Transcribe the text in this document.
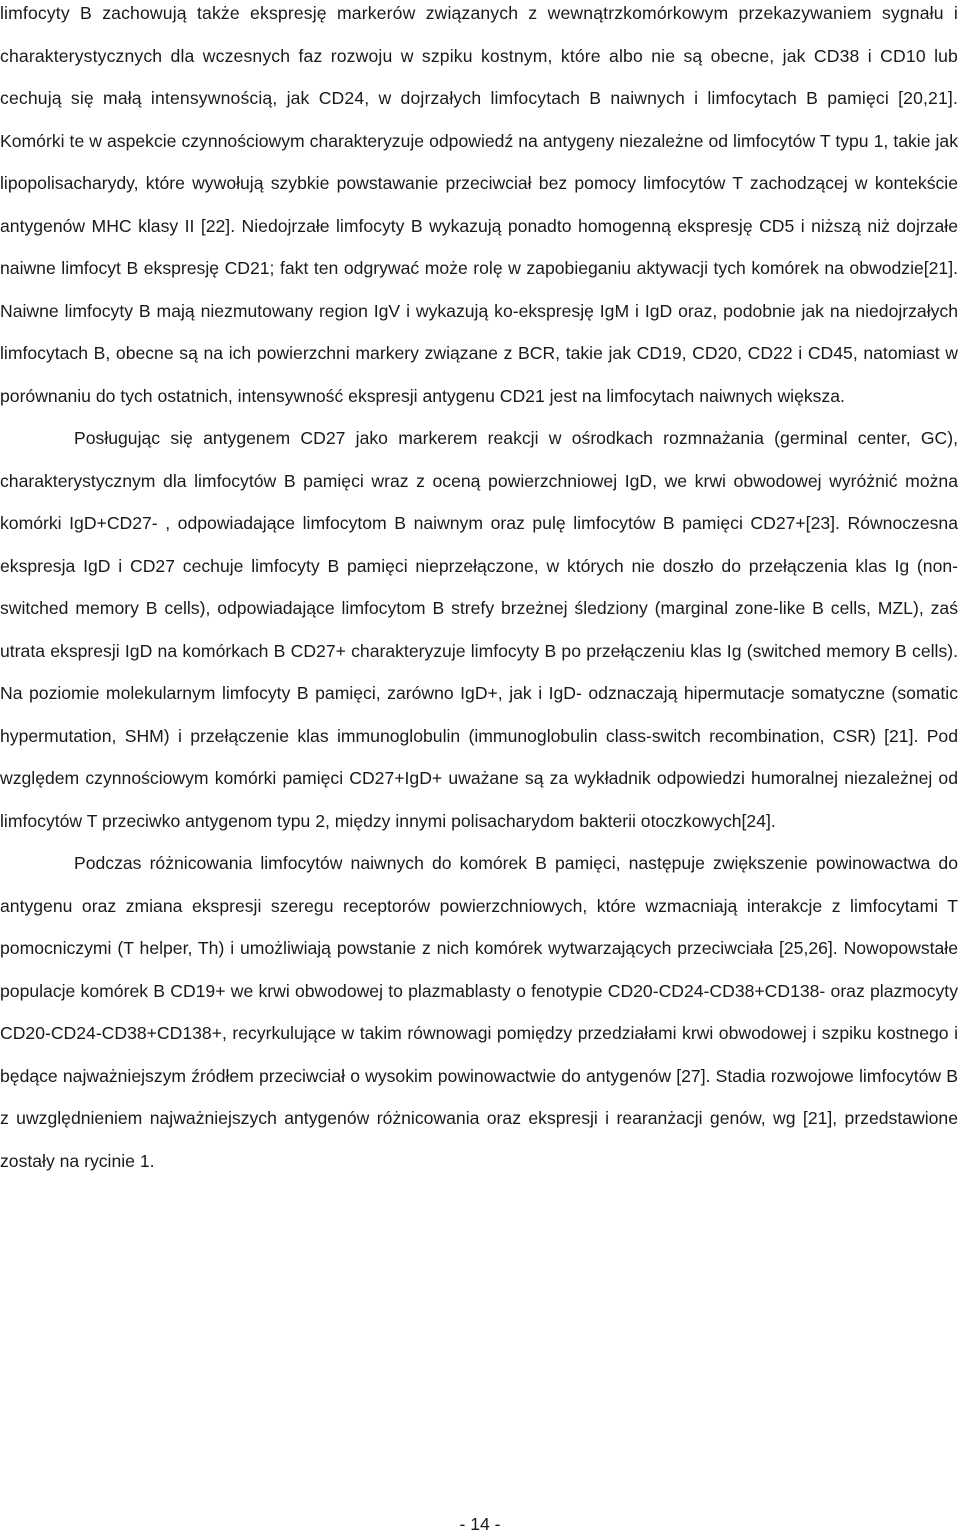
limfocyty B zachowują także ekspresję markerów związanych z wewnątrzkomórkowym przekazywaniem sygnału i charakterystycznych dla wczesnych faz rozwoju w szpiku kostnym, które albo nie są obecne, jak CD38 i CD10 lub cechują się małą intensywnością, jak CD24, w dojrzałych limfocytach B naiwnych i limfocytach B pamięci [20,21]. Komórki te w aspekcie czynnościowym charakteryzuje odpowiedź na antygeny niezależne od limfocytów T typu 1, takie jak lipopolisacharydy, które wywołują szybkie powstawanie przeciwciał bez pomocy limfocytów T zachodzącej w kontekście antygenów MHC klasy II [22]. Niedojrzałe limfocyty B wykazują ponadto homogenną ekspresję CD5 i niższą niż dojrzałe naiwne limfocyt B ekspresję CD21; fakt ten odgrywać może rolę w zapobieganiu aktywacji tych komórek na obwodzie[21]. Naiwne limfocyty B mają niezmutowany region IgV i wykazują ko-ekspresję IgM i IgD oraz, podobnie jak na niedojrzałych limfocytach B, obecne są na ich powierzchni markery związane z BCR, takie jak CD19, CD20, CD22 i CD45, natomiast w porównaniu do tych ostatnich, intensywność ekspresji antygenu CD21 jest na limfocytach naiwnych większa.

Posługując się antygenem CD27 jako markerem reakcji w ośrodkach rozmnażania (germinal center, GC), charakterystycznym dla limfocytów B pamięci wraz z oceną powierzchniowej IgD, we krwi obwodowej wyróżnić można komórki IgD+CD27- , odpowiadające limfocytom B naiwnym oraz pulę limfocytów B pamięci CD27+[23]. Równoczesna ekspresja IgD i CD27 cechuje limfocyty B pamięci nieprzełączone, w których nie doszło do przełączenia klas Ig (non-switched memory B cells), odpowiadające limfocytom B strefy brzeżnej śledziony (marginal zone-like B cells, MZL), zaś utrata ekspresji IgD na komórkach B CD27+ charakteryzuje limfocyty B po przełączeniu klas Ig (switched memory B cells). Na poziomie molekularnym limfocyty B pamięci, zarówno IgD+, jak i IgD- odznaczają hipermutacje somatyczne (somatic hypermutation, SHM) i przełączenie klas immunoglobulin (immunoglobulin class-switch recombination, CSR) [21]. Pod względem czynnościowym komórki pamięci CD27+IgD+ uważane są za wykładnik odpowiedzi humoralnej niezależnej od limfocytów T przeciwko antygenom typu 2, między innymi polisacharydom bakterii otoczkowych[24].

Podczas różnicowania limfocytów naiwnych do komórek B pamięci, następuje zwiększenie powinowactwa do antygenu oraz zmiana ekspresji szeregu receptorów powierzchniowych, które wzmacniają interakcje z limfocytami T pomocniczymi (T helper, Th) i umożliwiają powstanie z nich komórek wytwarzających przeciwciała [25,26]. Nowopowstałe populacje komórek B CD19+ we krwi obwodowej to plazmablasty o fenotypie CD20-CD24-CD38+CD138- oraz plazmocyty CD20-CD24-CD38+CD138+, recyrkulujące w takim równowagi pomiędzy przedziałami krwi obwodowej i szpiku kostnego i będące najważniejszym źródłem przeciwciał o wysokim powinowactwie do antygenów [27]. Stadia rozwojowe limfocytów B z uwzględnieniem najważniejszych antygenów różnicowania oraz ekspresji i rearanżacji genów, wg [21], przedstawione zostały na rycinie 1.

- 14 -
